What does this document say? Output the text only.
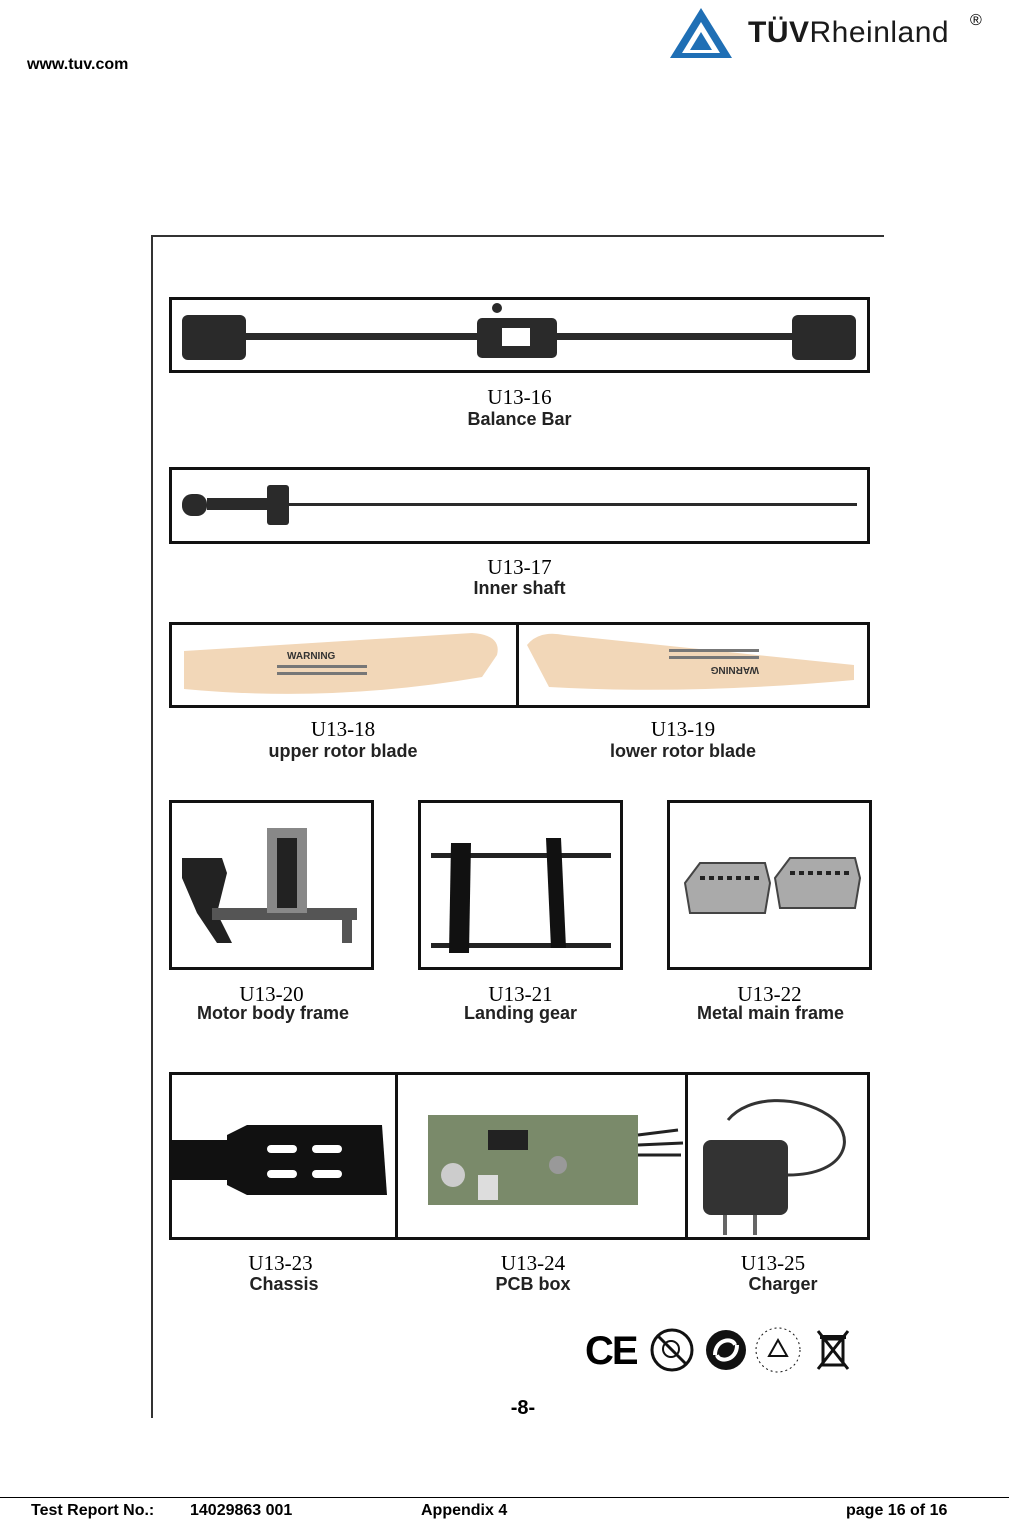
www.tuv.com
TÜVRheinland ®
U13-16
Balance Bar
U13-17
Inner shaft
WARNING
WARNING
U13-18
upper rotor blade
U13-19
lower rotor blade
U13-20
Motor body frame
U13-21
Landing gear
U13-22
Metal main frame
U13-23
Chassis
U13-24
PCB box
U13-25
Charger
CE
-8-
Test Report No.: 14029863 001	Appendix 4	page 16 of 16
